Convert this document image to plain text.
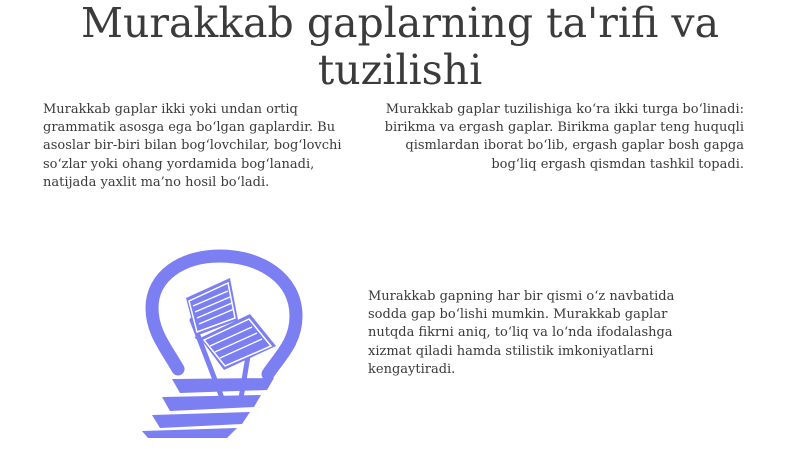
Murakkab gaplarning ta'rifi va tuzilishi

Murakkab gaplar ikki yoki undan ortiq grammatik asosga ega bo‘lgan gaplardir. Bu asoslar bir-biri bilan bog‘lovchilar, bog‘lovchi so‘zlar yoki ohang yordamida bog‘lanadi, natijada yaxlit ma’no hosil bo‘ladi.

Murakkab gaplar tuzilishiga ko‘ra ikki turga bo‘linadi: birikma va ergash gaplar. Birikma gaplar teng huquqli qismlardan iborat bo‘lib, ergash gaplar bosh gapga bog‘liq ergash qismdan tashkil topadi.

Murakkab gapning har bir qismi o‘z navbatida sodda gap bo‘lishi mumkin. Murakkab gaplar nutqda fikrni aniq, to‘liq va lo‘nda ifodalashga xizmat qiladi hamda stilistik imkoniyatlarni kengaytiradi.
